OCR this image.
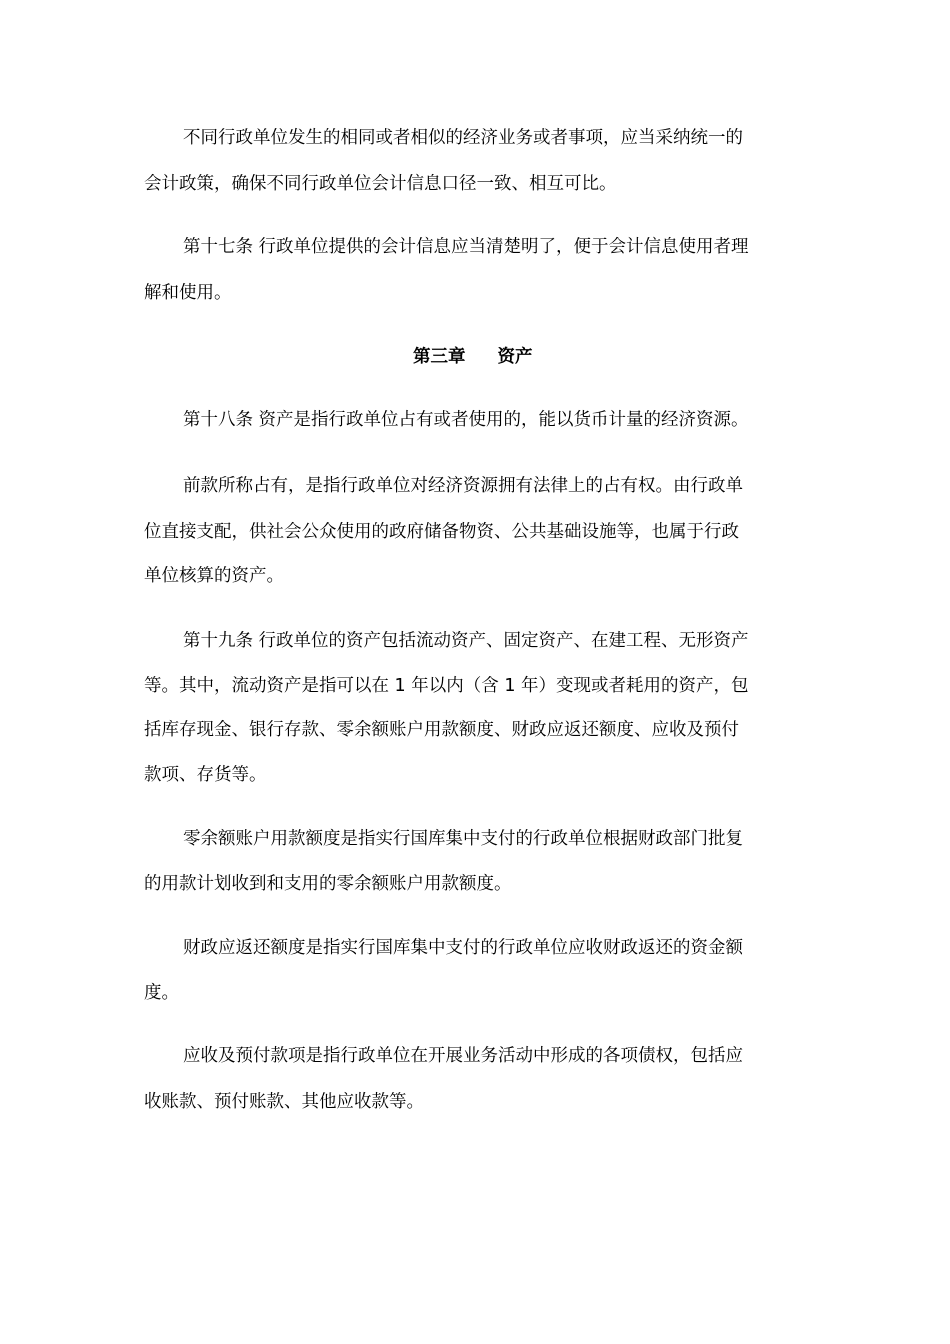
不同行政单位发生的相同或者相似的经济业务或者事项，应当采纳统一的
会计政策，确保不同行政单位会计信息口径一致、相互可比。
第十七条 行政单位提供的会计信息应当清楚明了，便于会计信息使用者理
解和使用。
第三章 资产
第十八条 资产是指行政单位占有或者使用的，能以货币计量的经济资源。
前款所称占有，是指行政单位对经济资源拥有法律上的占有权。由行政单
位直接支配，供社会公众使用的政府储备物资、公共基础设施等，也属于行政
单位核算的资产。
第十九条 行政单位的资产包括流动资产、固定资产、在建工程、无形资产
等。其中，流动资产是指可以在 1 年以内（含 1 年）变现或者耗用的资产，包
括库存现金、银行存款、零余额账户用款额度、财政应返还额度、应收及预付
款项、存货等。
零余额账户用款额度是指实行国库集中支付的行政单位根据财政部门批复
的用款计划收到和支用的零余额账户用款额度。
财政应返还额度是指实行国库集中支付的行政单位应收财政返还的资金额
度。
应收及预付款项是指行政单位在开展业务活动中形成的各项债权，包括应
收账款、预付账款、其他应收款等。
